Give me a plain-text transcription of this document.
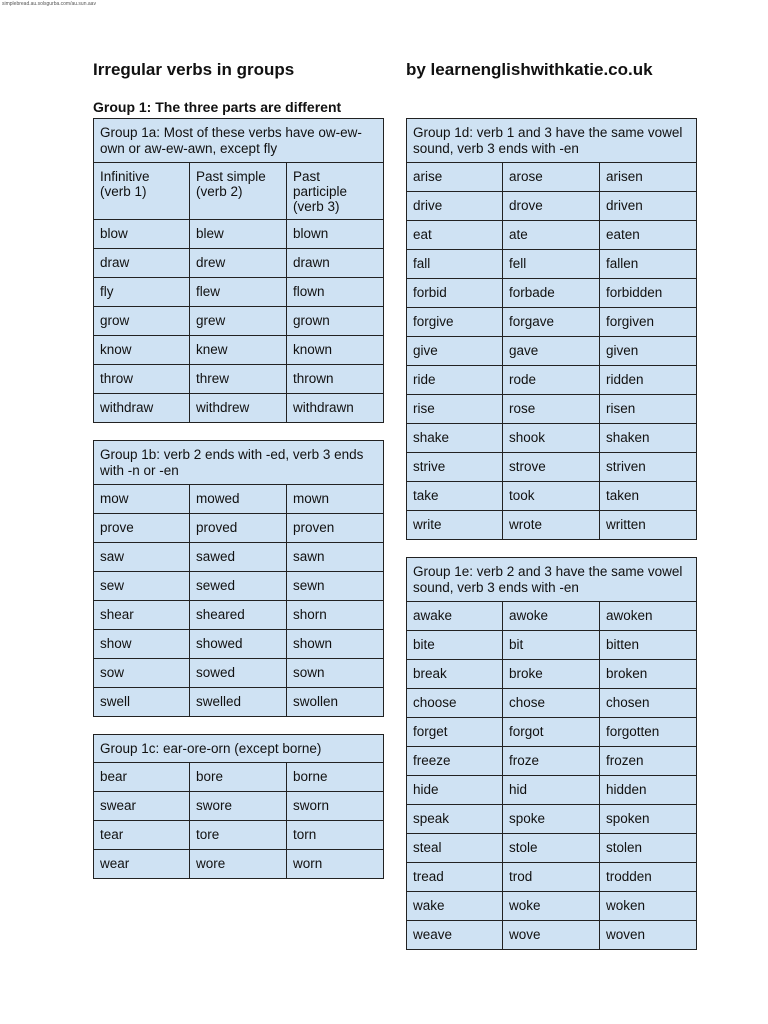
simplebread.au.solsgurba.com/au.sun.aav
Irregular verbs in groups	by learnenglishwithkatie.co.uk
Group 1: The three parts are different
Group 1a: Most of these verbs have ow-ew-own or aw-ew-awn, except fly		
Infinitive (verb 1)	Past simple (verb 2)	Past participle (verb 3)
blow	blew	blown
draw	drew	drawn
fly	flew	flown
grow	grew	grown
know	knew	known
throw	threw	thrown
withdraw	withdrew	withdrawn
Group 1b: verb 2 ends with -ed, verb 3 ends with -n or -en		
mow	mowed	mown
prove	proved	proven
saw	sawed	sawn
sew	sewed	sewn
shear	sheared	shorn
show	showed	shown
sow	sowed	sown
swell	swelled	swollen
Group 1c: ear-ore-orn (except borne)		
bear	bore	borne
swear	swore	sworn
tear	tore	torn
wear	wore	worn
Group 1d: verb 1 and 3 have the same vowel sound, verb 3 ends with -en		
arise	arose	arisen
drive	drove	driven
eat	ate	eaten
fall	fell	fallen
forbid	forbade	forbidden
forgive	forgave	forgiven
give	gave	given
ride	rode	ridden
rise	rose	risen
shake	shook	shaken
strive	strove	striven
take	took	taken
write	wrote	written
Group 1e: verb 2 and 3 have the same vowel sound, verb 3 ends with -en		
awake	awoke	awoken
bite	bit	bitten
break	broke	broken
choose	chose	chosen
forget	forgot	forgotten
freeze	froze	frozen
hide	hid	hidden
speak	spoke	spoken
steal	stole	stolen
tread	trod	trodden
wake	woke	woken
weave	wove	woven
